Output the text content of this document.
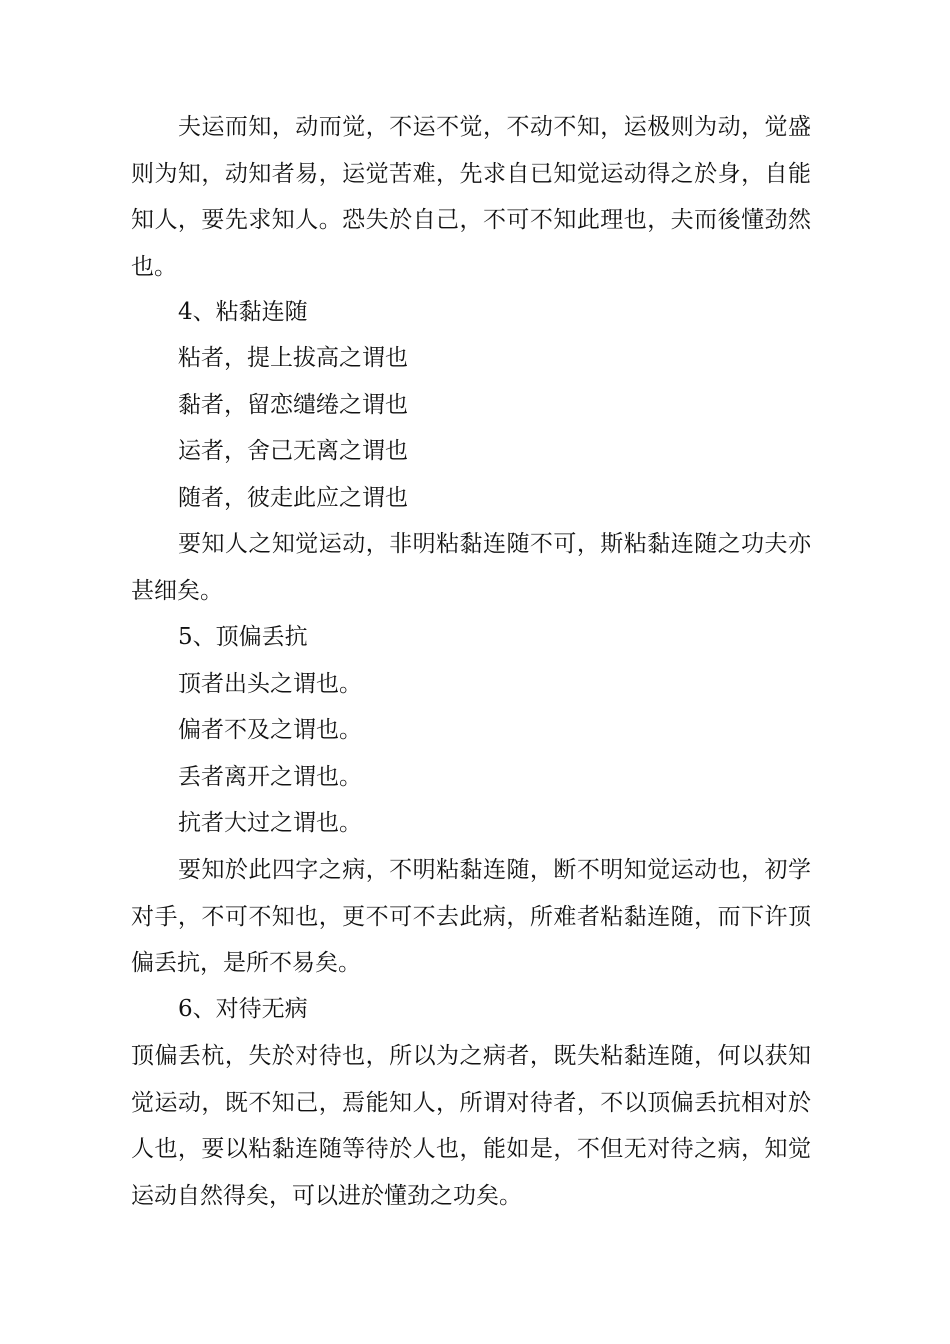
夫运而知，动而觉，不运不觉，不动不知，运极则为动，觉盛则为知，动知者易，运觉苦难，先求自已知觉运动得之於身，自能知人，要先求知人。恐失於自己，不可不知此理也，夫而後懂劲然也。

4、粘黏连随

粘者，提上拔高之谓也

黏者，留恋缱绻之谓也

运者，舍己无离之谓也

随者，彼走此应之谓也

要知人之知觉运动，非明粘黏连随不可，斯粘黏连随之功夫亦甚细矣。

5、顶偏丢抗

顶者出头之谓也。

偏者不及之谓也。

丢者离开之谓也。

抗者大过之谓也。

要知於此四字之病，不明粘黏连随，断不明知觉运动也，初学对手，不可不知也，更不可不去此病，所难者粘黏连随，而下许顶偏丢抗，是所不易矣。

6、对待无病

顶偏丢杭，失於对待也，所以为之病者，既失粘黏连随，何以获知觉运动，既不知己，焉能知人，所谓对待者，不以顶偏丢抗相对於人也，要以粘黏连随等待於人也，能如是，不但无对待之病，知觉运动自然得矣，可以进於懂劲之功矣。
